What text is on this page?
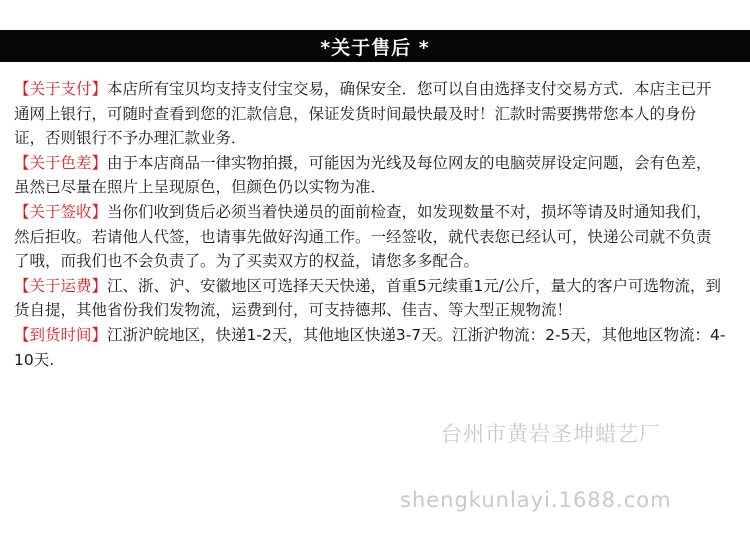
*关于售后 *

【关于支付】本店所有宝贝均支持支付宝交易，确保安全．您可以自由选择支付交易方式．本店主已开通网上银行，可随时查看到您的汇款信息，保证发货时间最快最及时！汇款时需要携带您本人的身份证，否则银行不予办理汇款业务．

【关于色差】由于本店商品一律实物拍摄，可能因为光线及每位网友的电脑荧屏设定问题，会有色差，虽然已尽量在照片上呈现原色，但颜色仍以实物为准．

【关于签收】当你们收到货后必须当着快递员的面前检查，如发现数量不对，损坏等请及时通知我们，然后拒收。若请他人代签，也请事先做好沟通工作。一经签收，就代表您已经认可，快递公司就不负责了哦，而我们也不会负责了。为了买卖双方的权益，请您多多配合。

【关于运费】江、浙、沪、安徽地区可选择天天快递，首重5元续重1元/公斤，量大的客户可选物流，到货自提，其他省份我们发物流，运费到付，可支持德邦、佳吉、等大型正规物流！

【到货时间】江浙沪皖地区，快递1-2天，其他地区快递3-7天。江浙沪物流：2-5天，其他地区物流：4-10天.

台州市黄岩圣坤蜡艺厂
shengkunlayi.1688.com
